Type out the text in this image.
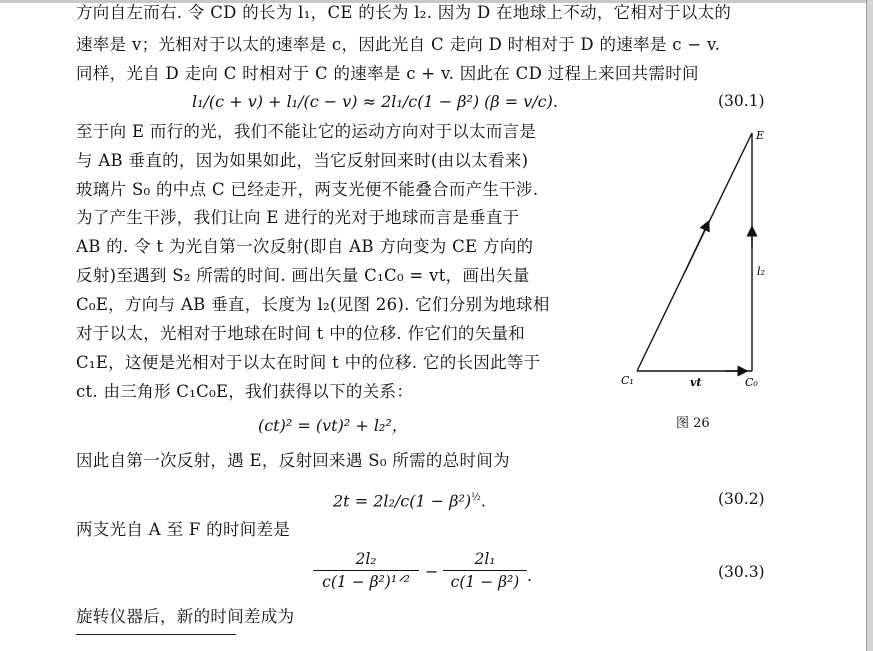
方向自左而右. 令 CD 的长为 l₁，CE 的长为 l₂. 因为 D 在地球上不动，它相对于以太的
速率是 v；光相对于以太的速率是 c，因此光自 C 走向 D 时相对于 D 的速率是 c − v.
同样，光自 D 走向 C 时相对于 C 的速率是 c + v. 因此在 CD 过程上来回共需时间
l₁/(c + v) + l₁/(c − v) ≈ 2l₁/c(1 − β²) (β = v/c).	(30.1)
至于向 E 而行的光，我们不能让它的运动方向对于以太而言是
与 AB 垂直的，因为如果如此，当它反射回来时(由以太看来)
玻璃片 S₀ 的中点 C 已经走开，两支光便不能叠合而产生干涉.
为了产生干涉，我们让向 E 进行的光对于地球而言是垂直于
AB 的. 令 t 为光自第一次反射(即自 AB 方向变为 CE 方向的
反射)至遇到 S₂ 所需的时间. 画出矢量 C₁C₀ = vt，画出矢量
C₀E，方向与 AB 垂直，长度为 l₂(见图 26). 它们分别为地球相
对于以太，光相对于地球在时间 t 中的位移. 作它们的矢量和
C₁E，这便是光相对于以太在时间 t 中的位移. 它的长因此等于
ct. 由三角形 C₁C₀E，我们获得以下的关系：
(ct)² = (vt)² + l₂²，
因此自第一次反射，遇 E，反射回来遇 S₀ 所需的总时间为
$2t = 2l_2/c(1 - \beta^2)^{\frac{1}{2}}$.	(30.2)
两支光自 A 至 F 的时间差是
2l₂
c(1 − β²)¹ᐟ²
−
2l₁
c(1 − β²) .	(30.3)
旋转仪器后，新的时间差成为
E
l₂
C₁	vt	C₀
图 26
